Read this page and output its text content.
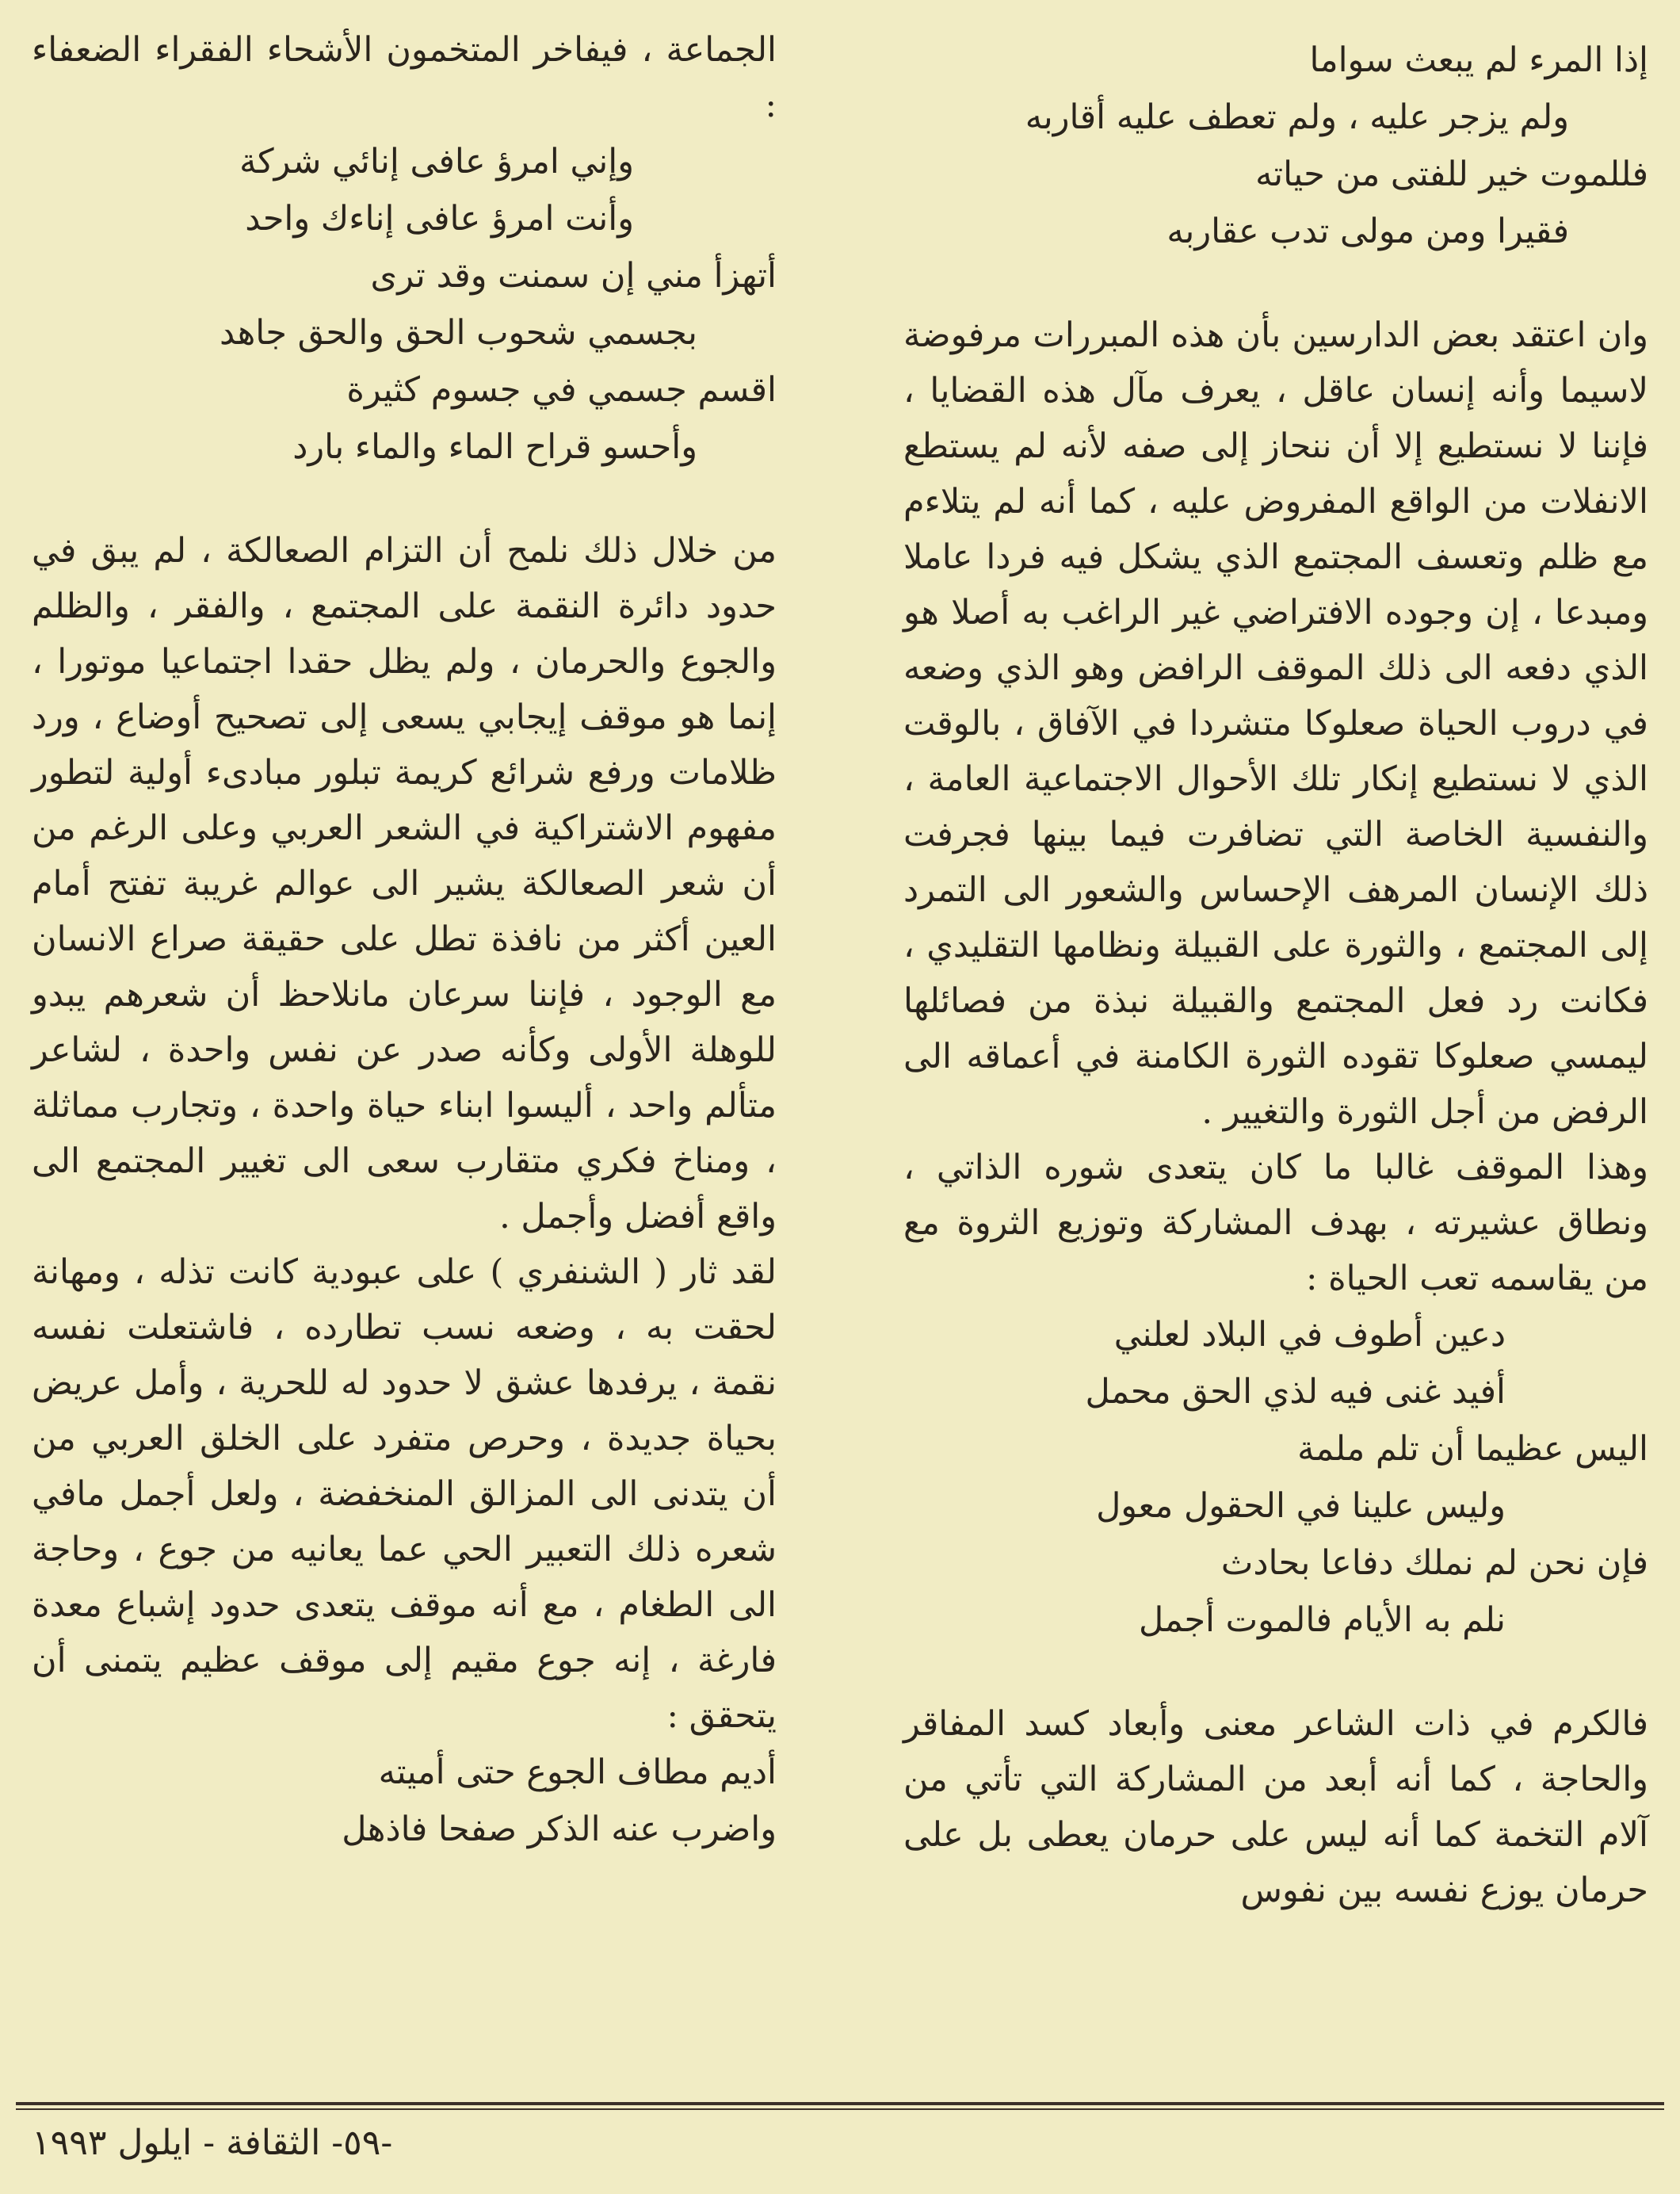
إذا المرء لم يبعث سواما

ولم يزجر عليه ، ولم تعطف عليه أقاربه

فللموت خير للفتى من حياته

فقيرا ومن مولى تدب عقاربه

وان اعتقد بعض الدارسين بأن هذه المبررات مرفوضة لاسيما وأنه إنسان عاقل ، يعرف مآل هذه القضايا ، فإننا لا نستطيع إلا أن ننحاز إلى صفه لأنه لم يستطع الانفلات من الواقع المفروض عليه ، كما أنه لم يتلاءم مع ظلم وتعسف المجتمع الذي يشكل فيه فردا عاملا ومبدعا ، إن وجوده الافتراضي غير الراغب به أصلا هو الذي دفعه الى ذلك الموقف الرافض وهو الذي وضعه في دروب الحياة صعلوكا متشردا في الآفاق ، بالوقت الذي لا نستطيع إنكار تلك الأحوال الاجتماعية العامة ، والنفسية الخاصة التي تضافرت فيما بينها فجرفت ذلك الإنسان المرهف الإحساس والشعور الى التمرد إلى المجتمع ، والثورة على القبيلة ونظامها التقليدي ، فكانت رد فعل المجتمع والقبيلة نبذة من فصائلها ليمسي صعلوكا تقوده الثورة الكامنة في أعماقه الى الرفض من أجل الثورة والتغيير .

وهذا الموقف غالبا ما كان يتعدى شوره الذاتي ، ونطاق عشيرته ، بهدف المشاركة وتوزيع الثروة مع من يقاسمه تعب الحياة :

دعين أطوف في البلاد لعلني

أفيد غنى فيه لذي الحق محمل

اليس عظيما أن تلم ملمة

وليس علينا في الحقول معول

فإن نحن لم نملك دفاعا بحادث

نلم به الأيام فالموت أجمل

فالكرم في ذات الشاعر معنى وأبعاد كسد المفاقر والحاجة ، كما أنه أبعد من المشاركة التي تأتي من آلام التخمة كما أنه ليس على حرمان يعطى بل على حرمان يوزع نفسه بين نفوس

الجماعة ، فيفاخر المتخمون الأشحاء الفقراء الضعفاء :

وإني امرؤ عافى إنائي شركة

وأنت امرؤ عافى إناءك واحد

أتهزأ مني إن سمنت وقد ترى

بجسمي شحوب الحق والحق جاهد

اقسم جسمي في جسوم كثيرة

وأحسو قراح الماء والماء بارد

من خلال ذلك نلمح أن التزام الصعالكة ، لم يبق في حدود دائرة النقمة على المجتمع ، والفقر ، والظلم والجوع والحرمان ، ولم يظل حقدا اجتماعيا موتورا ، إنما هو موقف إيجابي يسعى إلى تصحيح أوضاع ، ورد ظلامات ورفع شرائع كريمة تبلور مبادىء أولية لتطور مفهوم الاشتراكية في الشعر العربي وعلى الرغم من أن شعر الصعالكة يشير الى عوالم غريبة تفتح أمام العين أكثر من نافذة تطل على حقيقة صراع الانسان مع الوجود ، فإننا سرعان مانلاحظ أن شعرهم يبدو للوهلة الأولى وكأنه صدر عن نفس واحدة ، لشاعر متألم واحد ، أليسوا ابناء حياة واحدة ، وتجارب مماثلة ، ومناخ فكري متقارب سعى الى تغيير المجتمع الى واقع أفضل وأجمل .

لقد ثار ( الشنفري ) على عبودية كانت تذله ، ومهانة لحقت به ، وضعه نسب تطارده ، فاشتعلت نفسه نقمة ، يرفدها عشق لا حدود له للحرية ، وأمل عريض بحياة جديدة ، وحرص متفرد على الخلق العربي من أن يتدنى الى المزالق المنخفضة ، ولعل أجمل مافي شعره ذلك التعبير الحي عما يعانيه من جوع ، وحاجة الى الطغام ، مع أنه موقف يتعدى حدود إشباع معدة فارغة ، إنه جوع مقيم إلى موقف عظيم يتمنى أن يتحقق :

أديم مطاف الجوع حتى أميته

واضرب عنه الذكر صفحا فاذهل

-٥٩- الثقافة - ايلول ١٩٩٣
